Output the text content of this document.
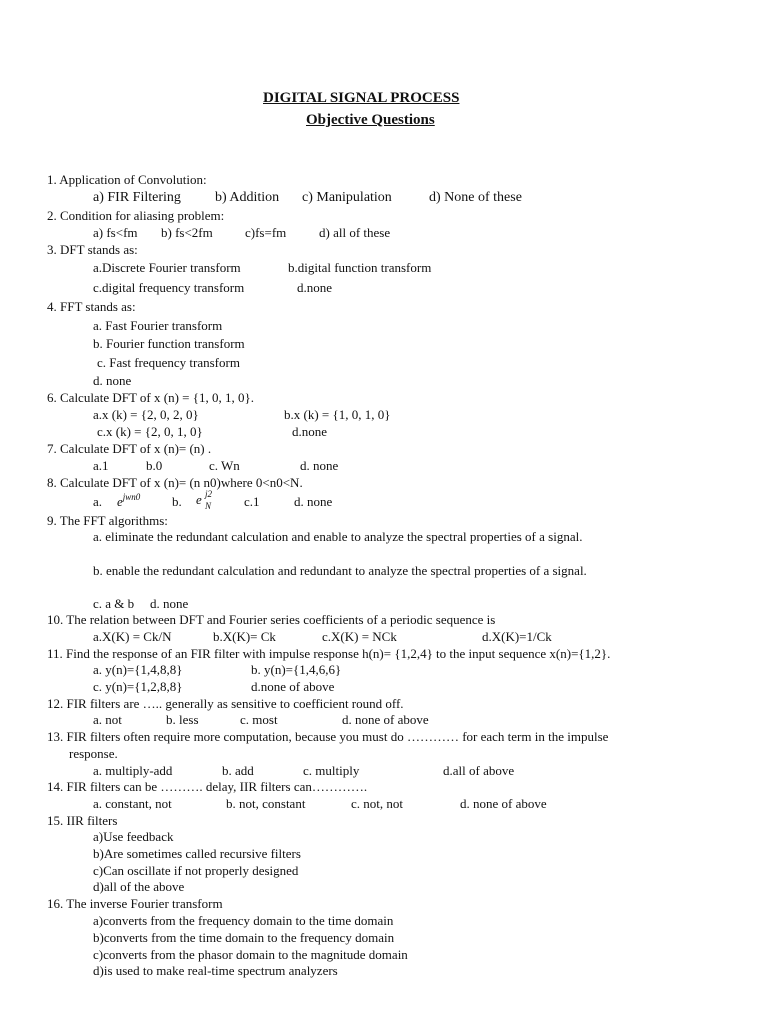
DIGITAL SIGNAL PROCESS
Objective Questions
1. Application of Convolution:
a) FIR Filtering b) Addition c) Manipulation	d) None of these
2. Condition for aliasing problem:
a) fs<fm b) fs<2fm c)fs=fm	d) all of these
3. DFT stands as:
a.Discrete Fourier transform	b.digital function transform
c.digital frequency transform	d.none
4. FFT stands as:
a. Fast Fourier transform
b. Fourier function transform
c. Fast frequency transform
d. none
6. Calculate DFT of x (n) = {1, 0, 1, 0}.
a.x (k) = {2, 0, 2, 0}	b.x (k) = {1, 0, 1, 0}
c.x (k) = {2, 0, 1, 0}	d.none
7. Calculate DFT of x (n)= (n) .
a.1	b.0	c. Wn	d. none
8. Calculate DFT of x (n)= (n n0)where 0<n0<N.
a. $e^{jwn0}$ b. e j2
N	c.1	d. none
9. The FFT algorithms:
a. eliminate the redundant calculation and enable to analyze the spectral properties of a signal.
b. enable the redundant calculation and redundant to analyze the spectral properties of a signal.
c. a & b d. none
10. The relation between DFT and Fourier series coefficients of a periodic sequence is
a.X(K) = Ck/N	b.X(K)= Ck	c.X(K) = NCk	d.X(K)=1/Ck
11. Find the response of an FIR filter with impulse response h(n)= {1,2,4} to the input sequence x(n)={1,2}.
a. y(n)={1,4,8,8}	b. y(n)={1,4,6,6}
c. y(n)={1,2,8,8}	d.none of above
12. FIR filters are ….. generally as sensitive to coefficient round off.
a. not	b. less	c. most	d. none of above
13. FIR filters often require more computation, because you must do ………… for each term in the impulse
response.
a. multiply-add	b. add	c. multiply	d.all of above
14. FIR filters can be ………. delay, IIR filters can………….
a. constant, not	b. not, constant	c. not, not	d. none of above
15. IIR filters
a)Use feedback
b)Are sometimes called recursive filters
c)Can oscillate if not properly designed
d)all of the above
16. The inverse Fourier transform
a)converts from the frequency domain to the time domain
b)converts from the time domain to the frequency domain
c)converts from the phasor domain to the magnitude domain
d)is used to make real-time spectrum analyzers
